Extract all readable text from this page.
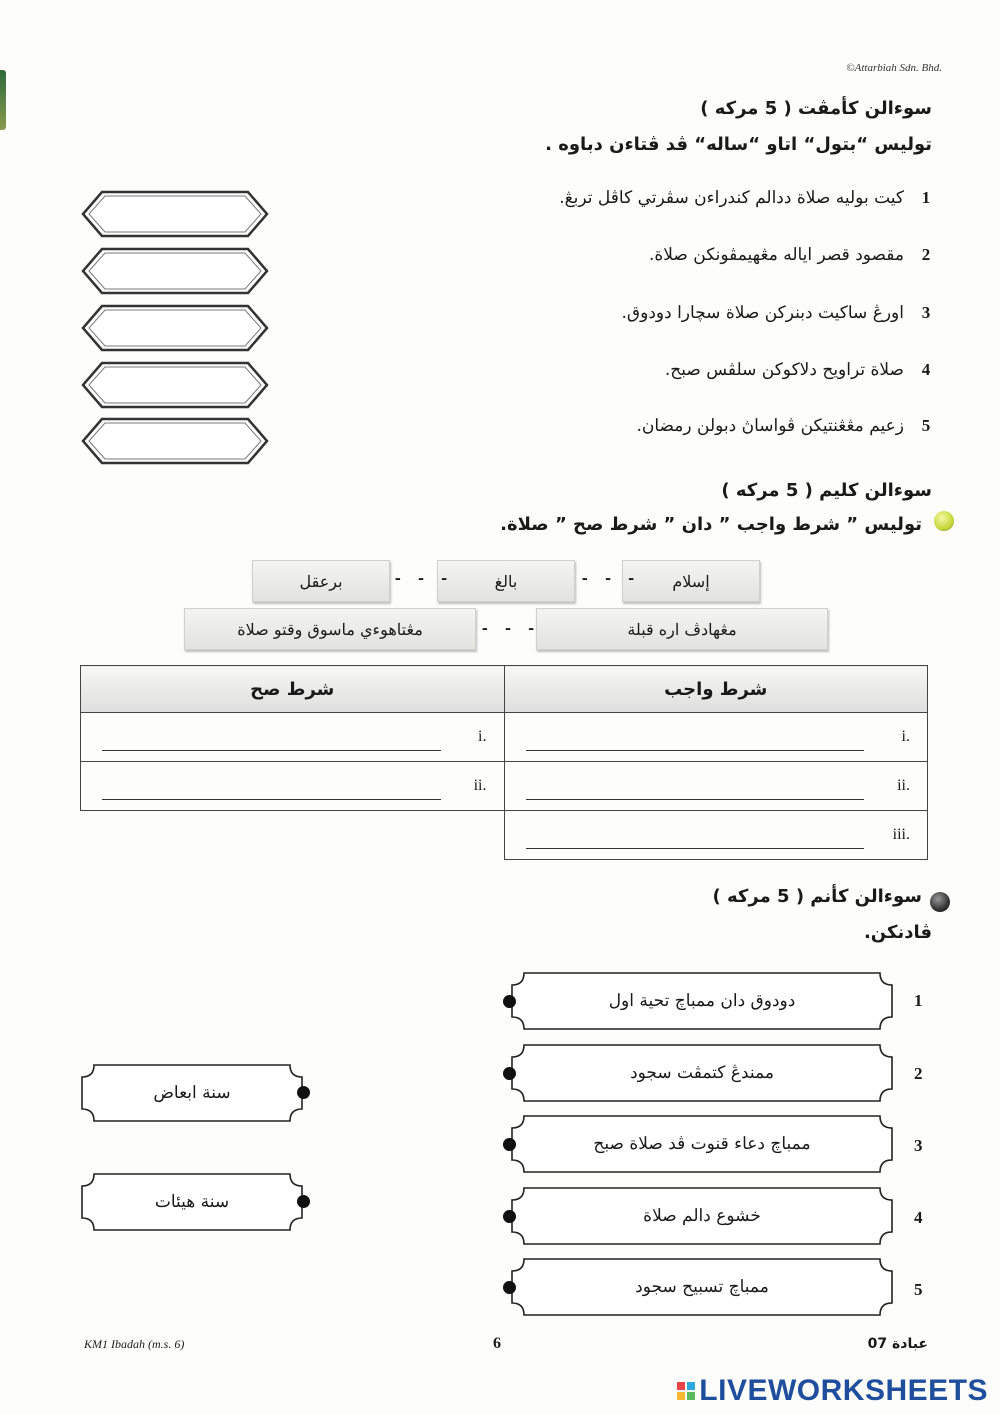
©Attarbiah Sdn. Bhd.
سوءالن كأمڤت ( 5 مركه )
توليس “بتول“ اتاو “ساله“ ڤد ڤتاءن دباوه .
1
كيت بوليه صلاة ددالم كندراءن سڤرتي كاڤل تربڠ.
2
مقصود قصر اياله مڠهيمڤونكن صلاة.
3
اورڠ ساكيت دبنركن صلاة سچارا دودوق.
4
صلاة تراويح دلاكوكن سلڤس صبح.
5
زعيم مڠڠنتيكن ڤواساڽ دبولن رمضان.
سوءالن كليم ( 5 مركه )
توليس ” شرط واجب ” دان ” شرط صح ” صلاة.
إسلام
- - -
بالغ
- - -
برعقل
مڠهادڤ اره قبلة
- - -
مڠتاهوءي ماسوق وقتو صلاة
شرط صح	شرط واجب

i.	i.

ii.	ii.

	iii.
سوءالن كأنم ( 5 مركه )
ڤادنكن.
دودوق دان ممباچ تحية اول	1
ممندڠ كتمڤت سجود	2
ممباچ دعاء قنوت ڤد صلاة صبح	3
خشوع دالم صلاة	4
ممباچ تسبيح سجود	5
سنة ابعاض
سنة هيئات
KM1 Ibadah (m.s. 6)	6	عبادة 07
LIVEWORKSHEETS
